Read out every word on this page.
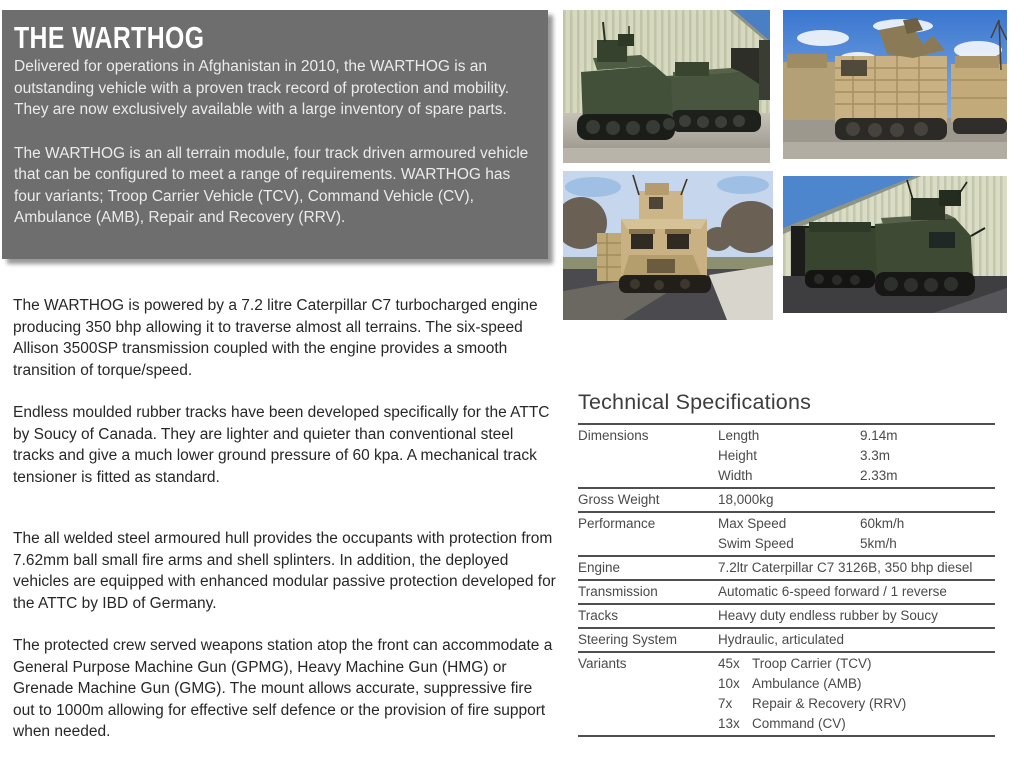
THE WARTHOG

Delivered for operations in Afghanistan in 2010, the WARTHOG is an outstanding vehicle with a proven track record of protection and mobility. They are now exclusively available with a large inventory of spare parts.

The WARTHOG is an all terrain module, four track driven armoured vehicle that can be configured to meet a range of requirements. WARTHOG has four variants; Troop Carrier Vehicle (TCV), Command Vehicle (CV), Ambulance (AMB), Repair and Recovery (RRV).

The WARTHOG is powered by a 7.2 litre Caterpillar C7 turbocharged engine producing 350 bhp allowing it to traverse almost all terrains. The six-speed Allison 3500SP transmission coupled with the engine provides a smooth transition of torque/speed.
Endless moulded rubber tracks have been developed specifically for the ATTC by Soucy of Canada. They are lighter and quieter than conventional steel tracks and give a much lower ground pressure of 60 kpa. A mechanical track tensioner is fitted as standard.
The all welded steel armoured hull provides the occupants with protection from 7.62mm ball small fire arms and shell splinters. In addition, the deployed vehicles are equipped with enhanced modular passive protection developed for the ATTC by IBD of Germany.
The protected crew served weapons station atop the front can accommodate a General Purpose Machine Gun (GPMG), Heavy Machine Gun (HMG) or Grenade Machine Gun (GMG). The mount allows accurate, suppressive fire out to 1000m allowing for effective self defence or the provision of fire support when needed.
Technical Specifications
Dimensions	Length	9.14m
Height	3.3m
Width	2.33m
Gross Weight	18,000kg
Performance	Max Speed	60km/h
Swim Speed	5km/h
Engine	7.2ltr Caterpillar C7 3126B, 350 bhp diesel
Transmission	Automatic 6-speed forward / 1 reverse
Tracks	Heavy duty endless rubber by Soucy
Steering System	Hydraulic, articulated
Variants	45x Troop Carrier (TCV)
10x Ambulance (AMB)
7x	Repair & Recovery (RRV)
13x Command (CV)
